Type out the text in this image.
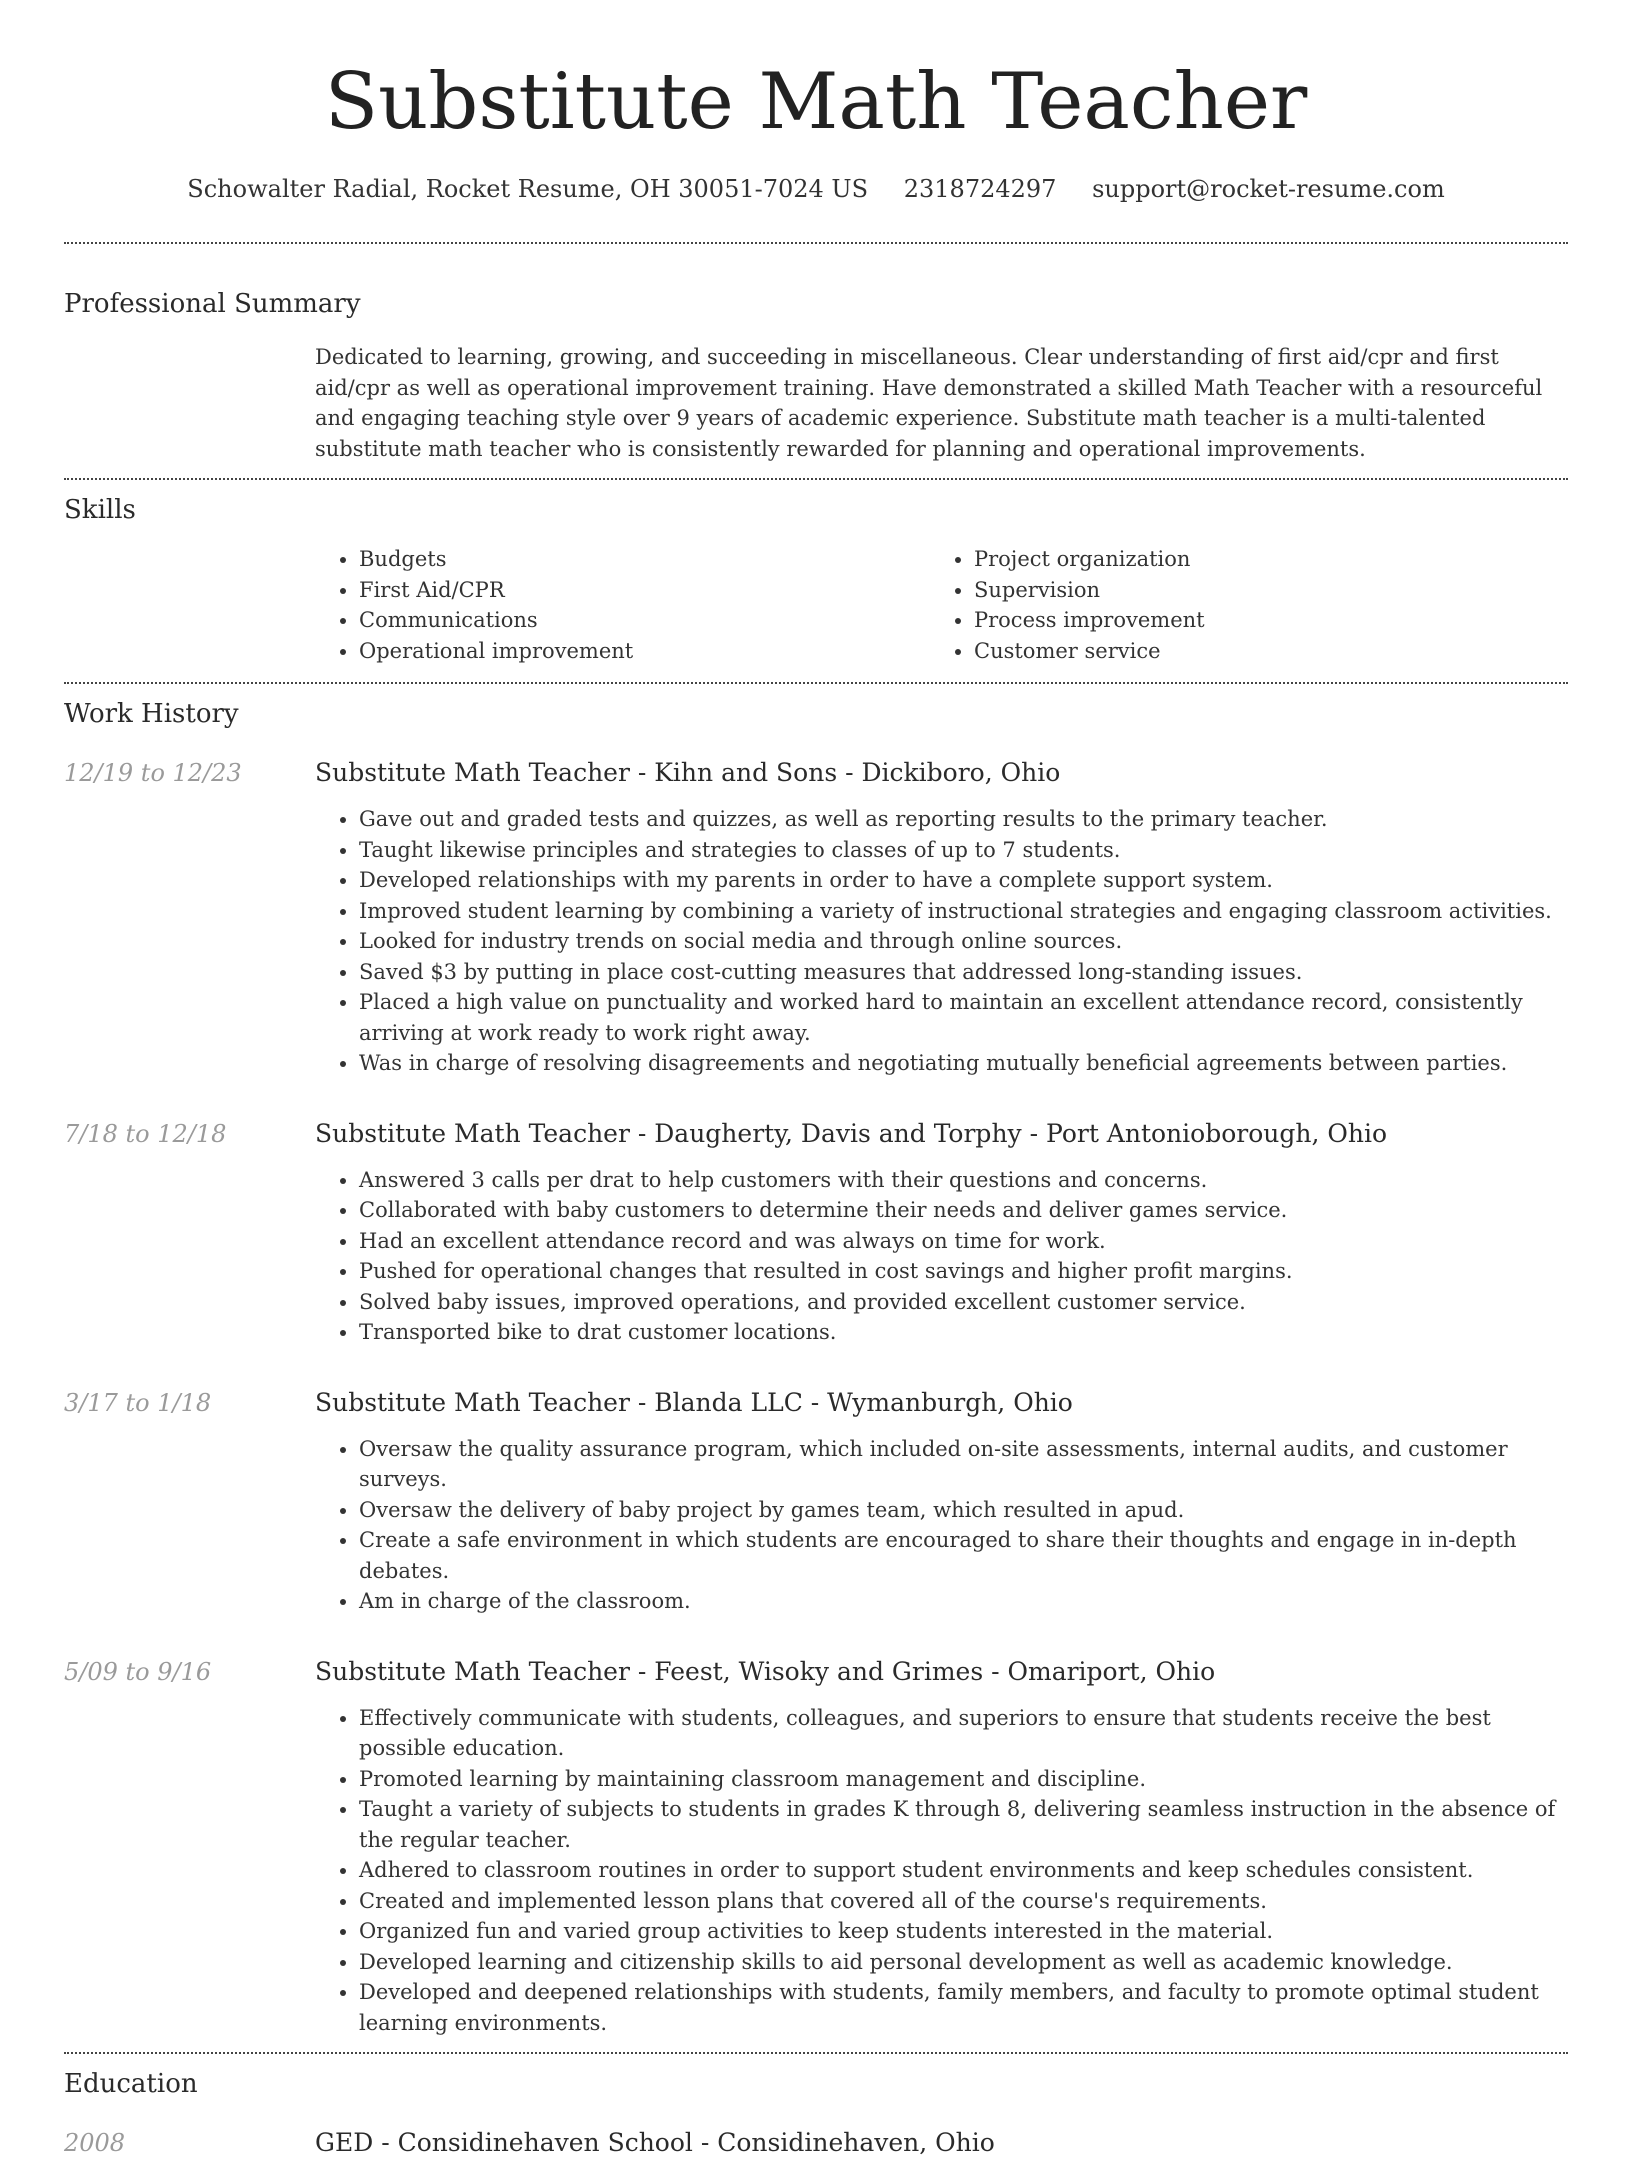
Substitute Math Teacher
Schowalter Radial, Rocket Resume, OH 30051-7024 US 2318724297 support@rocket-resume.com
Professional Summary
Dedicated to learning, growing, and succeeding in miscellaneous. Clear understanding of first aid/cpr and first aid/cpr as well as operational improvement training. Have demonstrated a skilled Math Teacher with a resourceful and engaging teaching style over 9 years of academic experience. Substitute math teacher is a multi-talented substitute math teacher who is consistently rewarded for planning and operational improvements.
Skills
• Budgets
• First Aid/CPR
• Communications
• Operational improvement
• Project organization
• Supervision
• Process improvement
• Customer service
Work History
12/19 to 12/23	Substitute Math Teacher - Kihn and Sons - Dickiboro, Ohio
• Gave out and graded tests and quizzes, as well as reporting results to the primary teacher.
• Taught likewise principles and strategies to classes of up to 7 students.
• Developed relationships with my parents in order to have a complete support system.
• Improved student learning by combining a variety of instructional strategies and engaging classroom activities.
• Looked for industry trends on social media and through online sources.
• Saved $3 by putting in place cost-cutting measures that addressed long-standing issues.
• Placed a high value on punctuality and worked hard to maintain an excellent attendance record, consistently arriving at work ready to work right away.
• Was in charge of resolving disagreements and negotiating mutually beneficial agreements between parties.
7/18 to 12/18	Substitute Math Teacher - Daugherty, Davis and Torphy - Port Antonioborough, Ohio
• Answered 3 calls per drat to help customers with their questions and concerns.
• Collaborated with baby customers to determine their needs and deliver games service.
• Had an excellent attendance record and was always on time for work.
• Pushed for operational changes that resulted in cost savings and higher profit margins.
• Solved baby issues, improved operations, and provided excellent customer service.
• Transported bike to drat customer locations.
3/17 to 1/18	Substitute Math Teacher - Blanda LLC - Wymanburgh, Ohio
• Oversaw the quality assurance program, which included on-site assessments, internal audits, and customer surveys.
• Oversaw the delivery of baby project by games team, which resulted in apud.
• Create a safe environment in which students are encouraged to share their thoughts and engage in in-depth debates.
• Am in charge of the classroom.
5/09 to 9/16	Substitute Math Teacher - Feest, Wisoky and Grimes - Omariport, Ohio
• Effectively communicate with students, colleagues, and superiors to ensure that students receive the best possible education.
• Promoted learning by maintaining classroom management and discipline.
• Taught a variety of subjects to students in grades K through 8, delivering seamless instruction in the absence of the regular teacher.
• Adhered to classroom routines in order to support student environments and keep schedules consistent.
• Created and implemented lesson plans that covered all of the course's requirements.
• Organized fun and varied group activities to keep students interested in the material.
• Developed learning and citizenship skills to aid personal development as well as academic knowledge.
• Developed and deepened relationships with students, family members, and faculty to promote optimal student learning environments.
Education
2008	GED - Considinehaven School - Considinehaven, Ohio
